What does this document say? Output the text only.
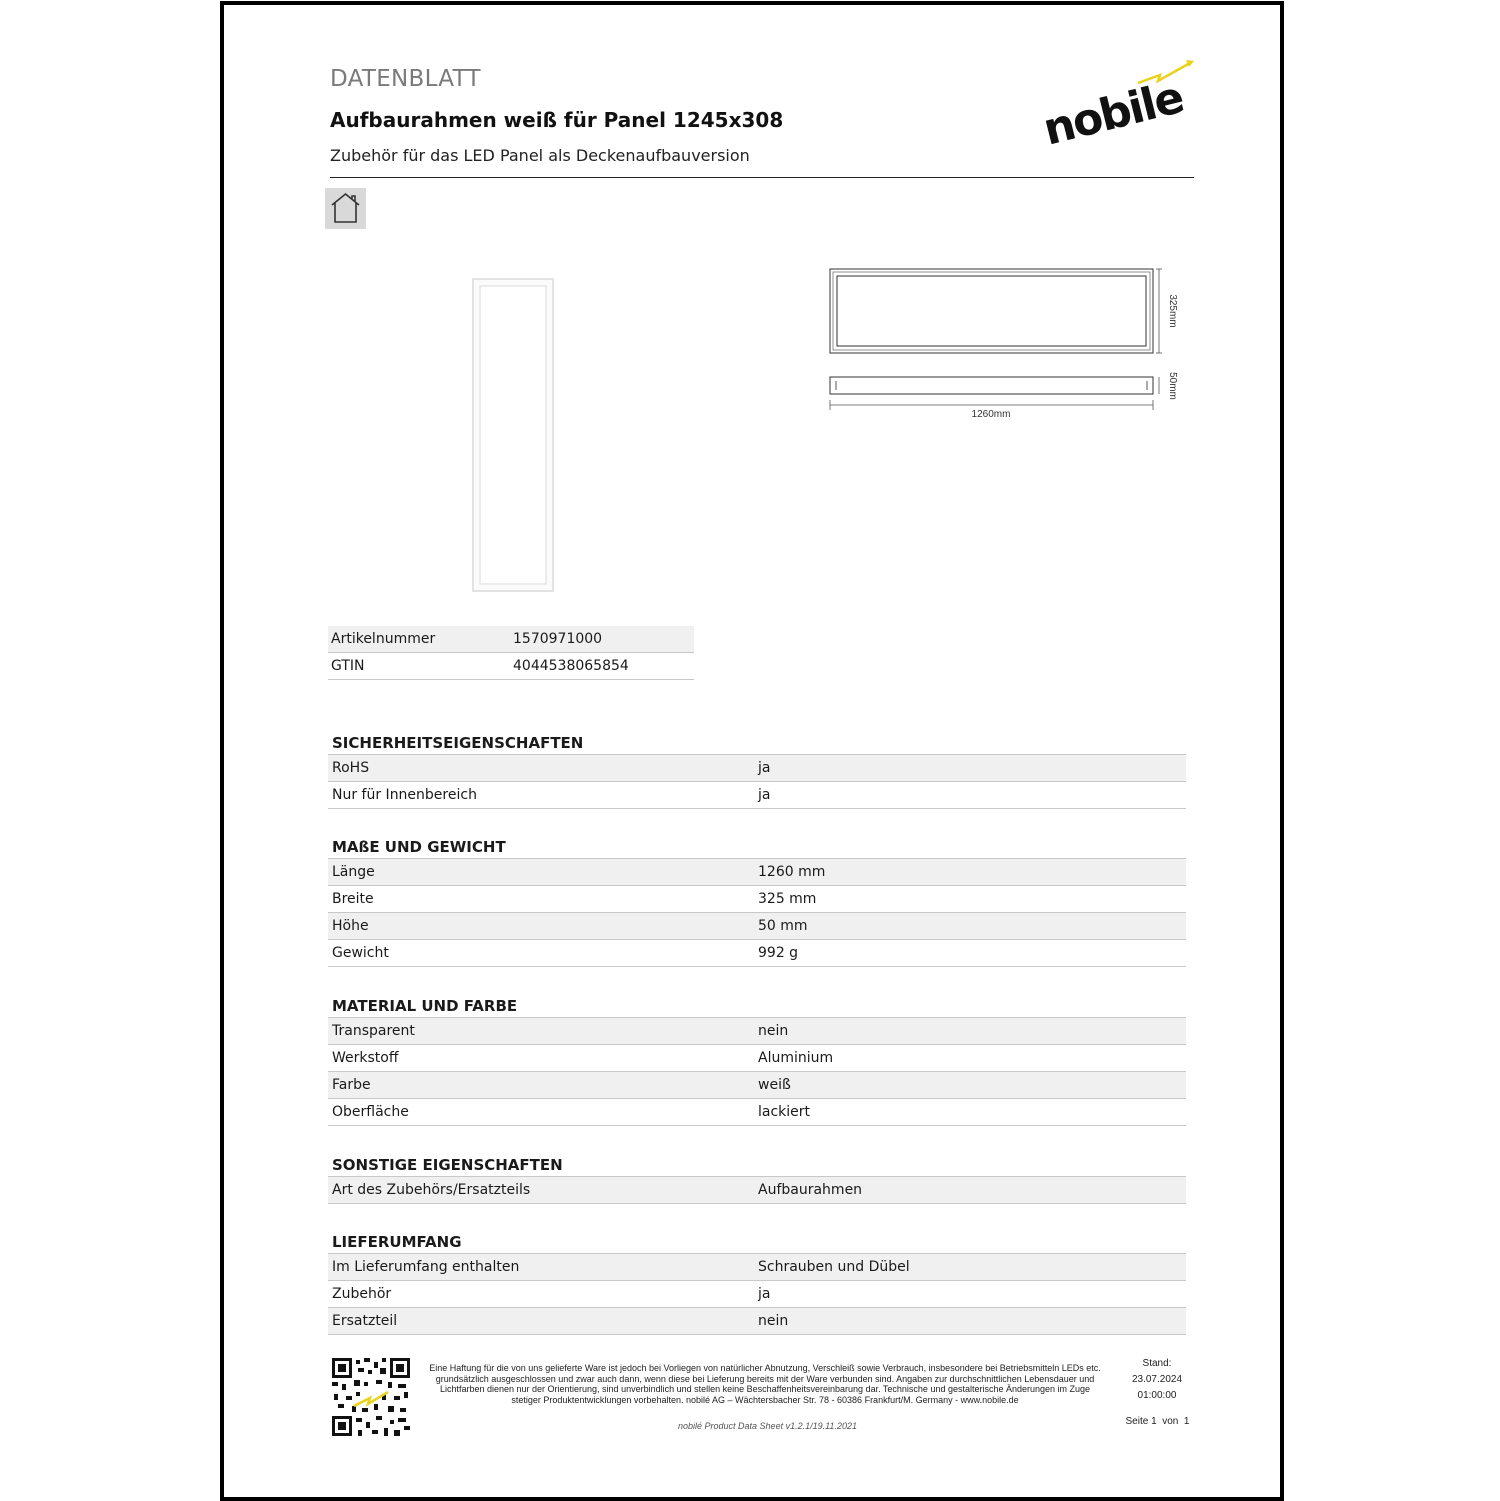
DATENBLATT
Aufbaurahmen weiß für Panel 1245x308
Zubehör für das LED Panel als Deckenaufbauversion	nobile
325mm
50mm
1260mm
Artikelnummer	1570971000
GTIN	4044538065854
SICHERHEITSEIGENSCHAFTEN
RoHS	ja
Nur für Innenbereich	ja
MAßE UND GEWICHT
Länge	1260 mm
Breite	325 mm
Höhe	50 mm
Gewicht	992 g
MATERIAL UND FARBE
Transparent	nein
Werkstoff	Aluminium
Farbe	weiß
Oberfläche	lackiert
SONSTIGE EIGENSCHAFTEN
Art des Zubehörs/Ersatzteils	Aufbaurahmen
LIEFERUMFANG
Im Lieferumfang enthalten	Schrauben und Dübel
Zubehör	ja
Ersatzteil	nein
Eine Haftung für die von uns gelieferte Ware ist jedoch bei Vorliegen von natürlicher Abnutzung, Verschleiß sowie Verbrauch, insbesondere bei Betriebsmitteln LEDs etc. grundsätzlich ausgeschlossen und zwar auch dann, wenn diese bei Lieferung bereits mit der Ware verbunden sind. Angaben zur durchschnittlichen Lebensdauer und Lichtfarben dienen nur der Orientierung, sind unverbindlich und stellen keine Beschaffenheitsvereinbarung dar. Technische und gestalterische Änderungen im Zuge stetiger Produktentwicklungen vorbehalten. nobilé AG – Wächtersbacher Str. 78 - 60386 Frankfurt/M. Germany - www.nobile.de
nobilé Product Data Sheet v1.2.1/19.11.2021
Stand:
23.07.2024
01:00:00
Seite 1 von 1
